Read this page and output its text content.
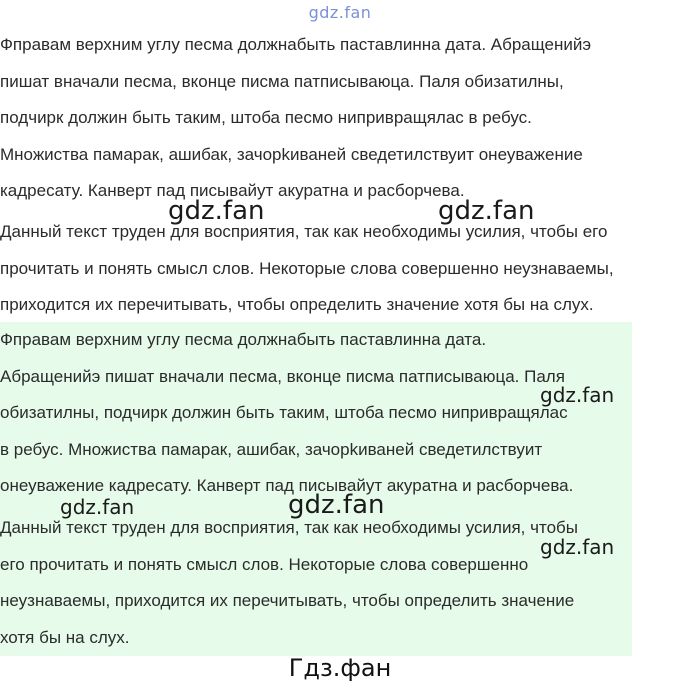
gdz.fan
Фправам верхним углу песма должнабыть паставлинна дата. Абращенийэ
пишат вначали песма, вконце писма патписываюца. Паля обизатилны,
подчирк должин быть таким, штоба песмо нипривращялас в ребус.
Множиства памарак, ашибак, зачорkиваней сведетилствуит онеуважение
кадресату. Канверт пад писывайут акуратна и расборчева.
Данный текст труден для восприятия, так как необходимы усилия, чтобы его
прочитать и понять смысл слов. Некоторые слова совершенно неузнаваемы,
приходится их перечитывать, чтобы определить значение хотя бы на слух.
Фправам верхним углу песма должнабыть паставлинна дата.
Абращенийэ пишат вначали песма, вконце писма патписываюца. Паля
обизатилны, подчирк должин быть таким, штоба песмо нипривращялас
в ребус. Множиства памарак, ашибак, зачорkиваней сведетилствуит
онеуважение кадресату. Канверт пад писывайут акуратна и расборчева.
Данный текст труден для восприятия, так как необходимы усилия, чтобы
его прочитать и понять смысл слов. Некоторые слова совершенно
неузнаваемы, приходится их перечитывать, чтобы определить значение
хотя бы на слух.
gdz.fan	gdz.fan
gdz.fan
gdz.fan	gdz.fan
gdz.fan
Гдз.фан
